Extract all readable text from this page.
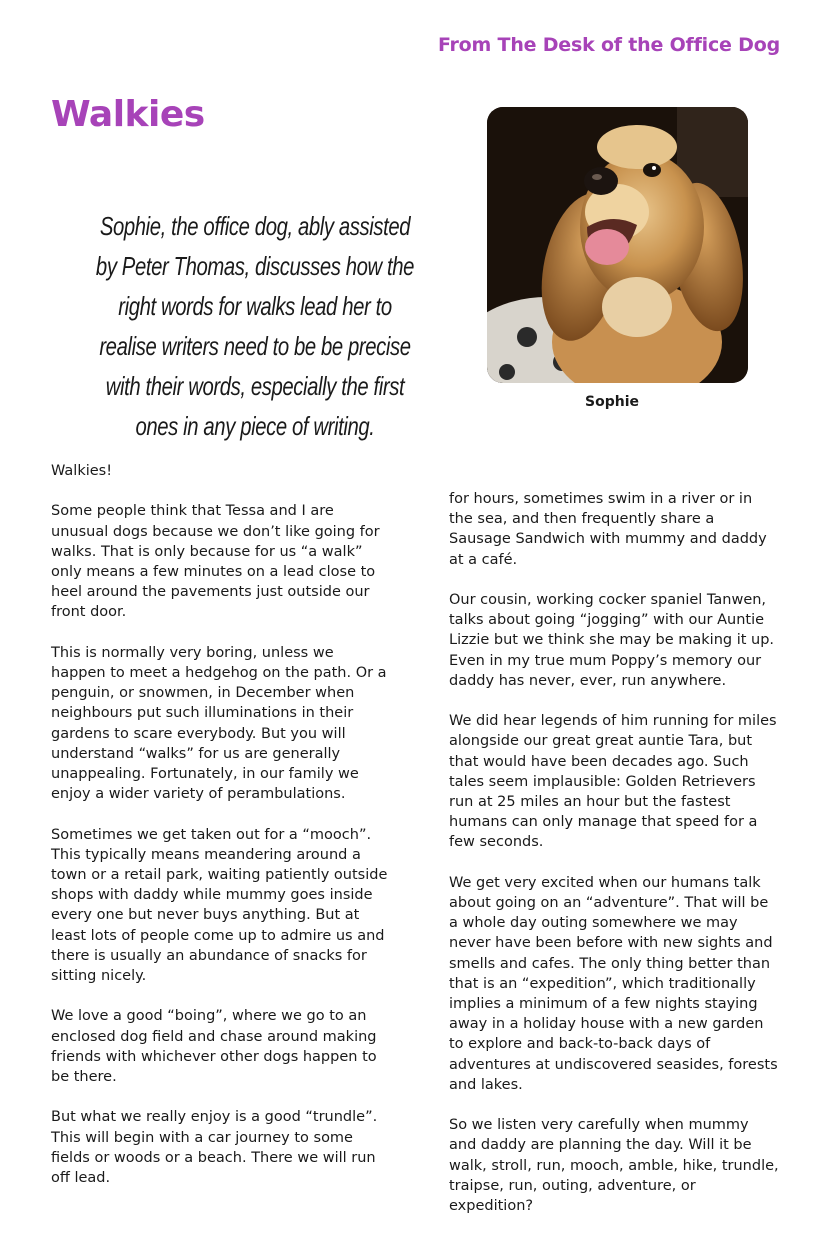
From The Desk of the Office Dog
Walkies
Sophie, the office dog, ably assisted by Peter Thomas, discusses how the right words for walks lead her to realise writers need to be be precise with their words, especially the first ones in any piece of writing.
Sophie

Walkies!

Some people think that Tessa and I are unusual dogs because we don’t like going for walks. That is only because for us “a walk” only means a few minutes on a lead close to heel around the pavements just outside our front door.

This is normally very boring, unless we happen to meet a hedgehog on the path. Or a penguin, or snowmen, in December when neighbours put such illuminations in their gardens to scare everybody. But you will understand “walks” for us are generally unappealing. Fortunately, in our family we enjoy a wider variety of perambulations.

Sometimes we get taken out for a “mooch”. This typically means meandering around a town or a retail park, waiting patiently outside shops with daddy while mummy goes inside every one but never buys anything. But at least lots of people come up to admire us and there is usually an abundance of snacks for sitting nicely.

We love a good “boing”, where we go to an enclosed dog field and chase around making friends with whichever other dogs happen to be there.

But what we really enjoy is a good “trundle”. This will begin with a car journey to some fields or woods or a beach. There we will run off lead.

for hours, sometimes swim in a river or in the sea, and then frequently share a Sausage Sandwich with mummy and daddy at a café.

Our cousin, working cocker spaniel Tanwen, talks about going “jogging” with our Auntie Lizzie but we think she may be making it up. Even in my true mum Poppy’s memory our daddy has never, ever, run anywhere.

We did hear legends of him running for miles alongside our great great auntie Tara, but that would have been decades ago. Such tales seem implausible: Golden Retrievers run at 25 miles an hour but the fastest humans can only manage that speed for a few seconds.

We get very excited when our humans talk about going on an “adventure”. That will be a whole day outing somewhere we may never have been before with new sights and smells and cafes. The only thing better than that is an “expedition”, which traditionally implies a minimum of a few nights staying away in a holiday house with a new garden to explore and back-to-back days of adventures at undiscovered seasides, forests and lakes.

So we listen very carefully when mummy and daddy are planning the day. Will it be walk, stroll, run, mooch, amble, hike, trundle, traipse, run, outing, adventure, or expedition?
